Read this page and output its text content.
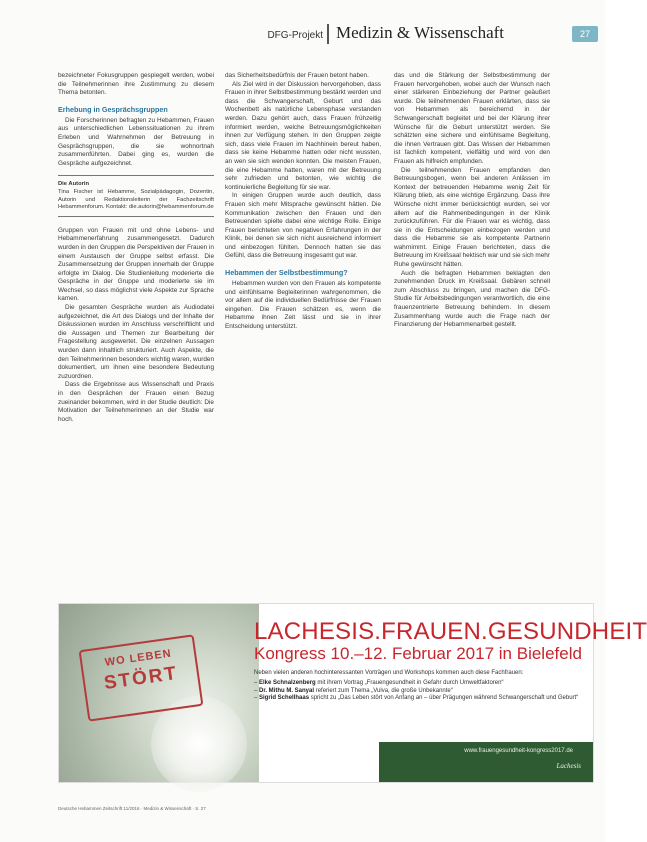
DFG-Projekt Medizin & Wissenschaft	27

bezeichneter Fokusgruppen gespiegelt werden, wobei die Teilnehmerinnen ihre Zustimmung zu diesem Thema betonten.

Erhebung in Gesprächsgruppen

Die Forscherinnen befragten zu Hebammen, Frauen aus unterschiedlichen Lebenssituationen zu ihrem Erleben und Wahrnehmen der Betreuung in Gesprächsgruppen, die sie wohnortnah zusammenführten. Dabei ging es, wurden die Gespräche aufgezeichnet.

Die Autorin
Tina Fischer ist Hebamme, Sozialpädagogin, Dozentin, Autorin und Redaktionsleiterin der Fachzeitschrift Hebammenforum. Kontakt: die.autorin@hebammenforum.de

Gruppen von Frauen mit und ohne Lebens- und Hebammenerfahrung zusammengesetzt. Dadurch wurden in den Gruppen die Perspektiven der Frauen in einem Austausch der Gruppe selbst erfasst. Die Zusammensetzung der Gruppen innerhalb der Gruppe erfolgte im Dialog. Die Studienleitung moderierte die Gespräche in der Gruppe und moderierte sie im Wechsel, so dass möglichst viele Aspekte zur Sprache kamen.

Die gesamten Gespräche wurden als Audiodatei aufgezeichnet, die Art des Dialogs und der Inhalte der Diskussionen wurden im Anschluss verschriftlicht und die Aussagen und Themen zur Bearbeitung der Fragestellung ausgewertet. Die einzelnen Aussagen wurden dann inhaltlich strukturiert. Auch Aspekte, die den Teilnehmerinnen besonders wichtig waren, wurden dokumentiert, um ihnen eine besondere Bedeutung zuzuordnen.

Dass die Ergebnisse aus Wissenschaft und Praxis in den Gesprächen der Frauen einen Bezug zueinander bekommen, wird in der Studie deutlich: Die Motivation der Teilnehmerinnen an der Studie war hoch.

das Sicherheitsbedürfnis der Frauen betont haben.

Als Ziel wird in der Diskussion hervorgehoben, dass Frauen in ihrer Selbstbestimmung bestärkt werden und dass die Schwangerschaft, Geburt und das Wochenbett als natürliche Lebensphase verstanden werden. Dazu gehört auch, dass Frauen frühzeitig informiert werden, welche Betreuungsmöglichkeiten ihnen zur Verfügung stehen. In den Gruppen zeigte sich, dass viele Frauen im Nachhinein bereut haben, dass sie keine Hebamme hatten oder nicht wussten, an wen sie sich wenden konnten. Die meisten Frauen, die eine Hebamme hatten, waren mit der Betreuung sehr zufrieden und betonten, wie wichtig die kontinuierliche Begleitung für sie war.

In einigen Gruppen wurde auch deutlich, dass Frauen sich mehr Mitsprache gewünscht hätten. Die Kommunikation zwischen den Frauen und den Betreuenden spielte dabei eine wichtige Rolle. Einige Frauen berichteten von negativen Erfahrungen in der Klinik, bei denen sie sich nicht ausreichend informiert und einbezogen fühlten. Dennoch hatten sie das Gefühl, dass die Betreuung insgesamt gut war.

Hebammen der Selbstbestimmung?

Hebammen wurden von den Frauen als kompetente und einfühlsame Begleiterinnen wahrgenommen, die vor allem auf die individuellen Bedürfnisse der Frauen eingehen. Die Frauen schätzen es, wenn die Hebamme ihnen Zeit lässt und sie in ihrer Entscheidung unterstützt.

das und die Stärkung der Selbstbestimmung der Frauen hervorgehoben, wobei auch der Wunsch nach einer stärkeren Einbeziehung der Partner geäußert wurde. Die teilnehmenden Frauen erklärten, dass sie von Hebammen als bereichernd in der Schwangerschaft begleitet und bei der Klärung ihrer Wünsche für die Geburt unterstützt werden. Sie schätzten eine sichere und einfühlsame Begleitung, die ihnen Vertrauen gibt. Das Wissen der Hebammen ist fachlich kompetent, vielfältig und wird von den Frauen als hilfreich empfunden.

Die teilnehmenden Frauen empfanden den Betreuungsbogen, wenn bei anderen Anlässen im Kontext der betreuenden Hebamme wenig Zeit für Klärung blieb, als eine wichtige Ergänzung. Dass ihre Wünsche nicht immer berücksichtigt wurden, sei vor allem auf die Rahmenbedingungen in der Klinik zurückzuführen. Für die Frauen war es wichtig, dass sie in die Entscheidungen einbezogen werden und dass die Hebamme sie als kompetente Partnerin wahrnimmt. Einige Frauen berichteten, dass die Betreuung im Kreißsaal hektisch war und sie sich mehr Ruhe gewünscht hätten.

Auch die befragten Hebammen beklagten den zunehmenden Druck im Kreißsaal. Gebären schnell zum Abschluss zu bringen, und machen die DFG-Studie für Arbeitsbedingungen verantwortlich, die eine frauenzentrierte Betreuung behindern. In diesem Zusammenhang wurde auch die Frage nach der Finanzierung der Hebammenarbeit gestellt.

WO LEBEN
STÖRT
LACHESIS.FRAUEN.GESUNDHEIT
Kongress 10.–12. Februar 2017 in Bielefeld
Neben vielen anderen hochinteressanten Vorträgen und Workshops kommen auch diese Fachfrauen:
– Elke Schnalzenberg mit ihrem Vortrag „Frauengesundheit in Gefahr durch Umweltfaktoren“
– Dr. Mithu M. Sanyal referiert zum Thema „Vulva, die große Unbekannte“
– Sigrid Schellhaas spricht zu „Das Leben stört von Anfang an – über Prägungen während Schwangerschaft und Geburt“
www.frauengesundheit-kongress2017.de
Lachesis
Deutsche Hebammen Zeitschrift 11/2016 · Medizin & Wissenschaft · S. 27
